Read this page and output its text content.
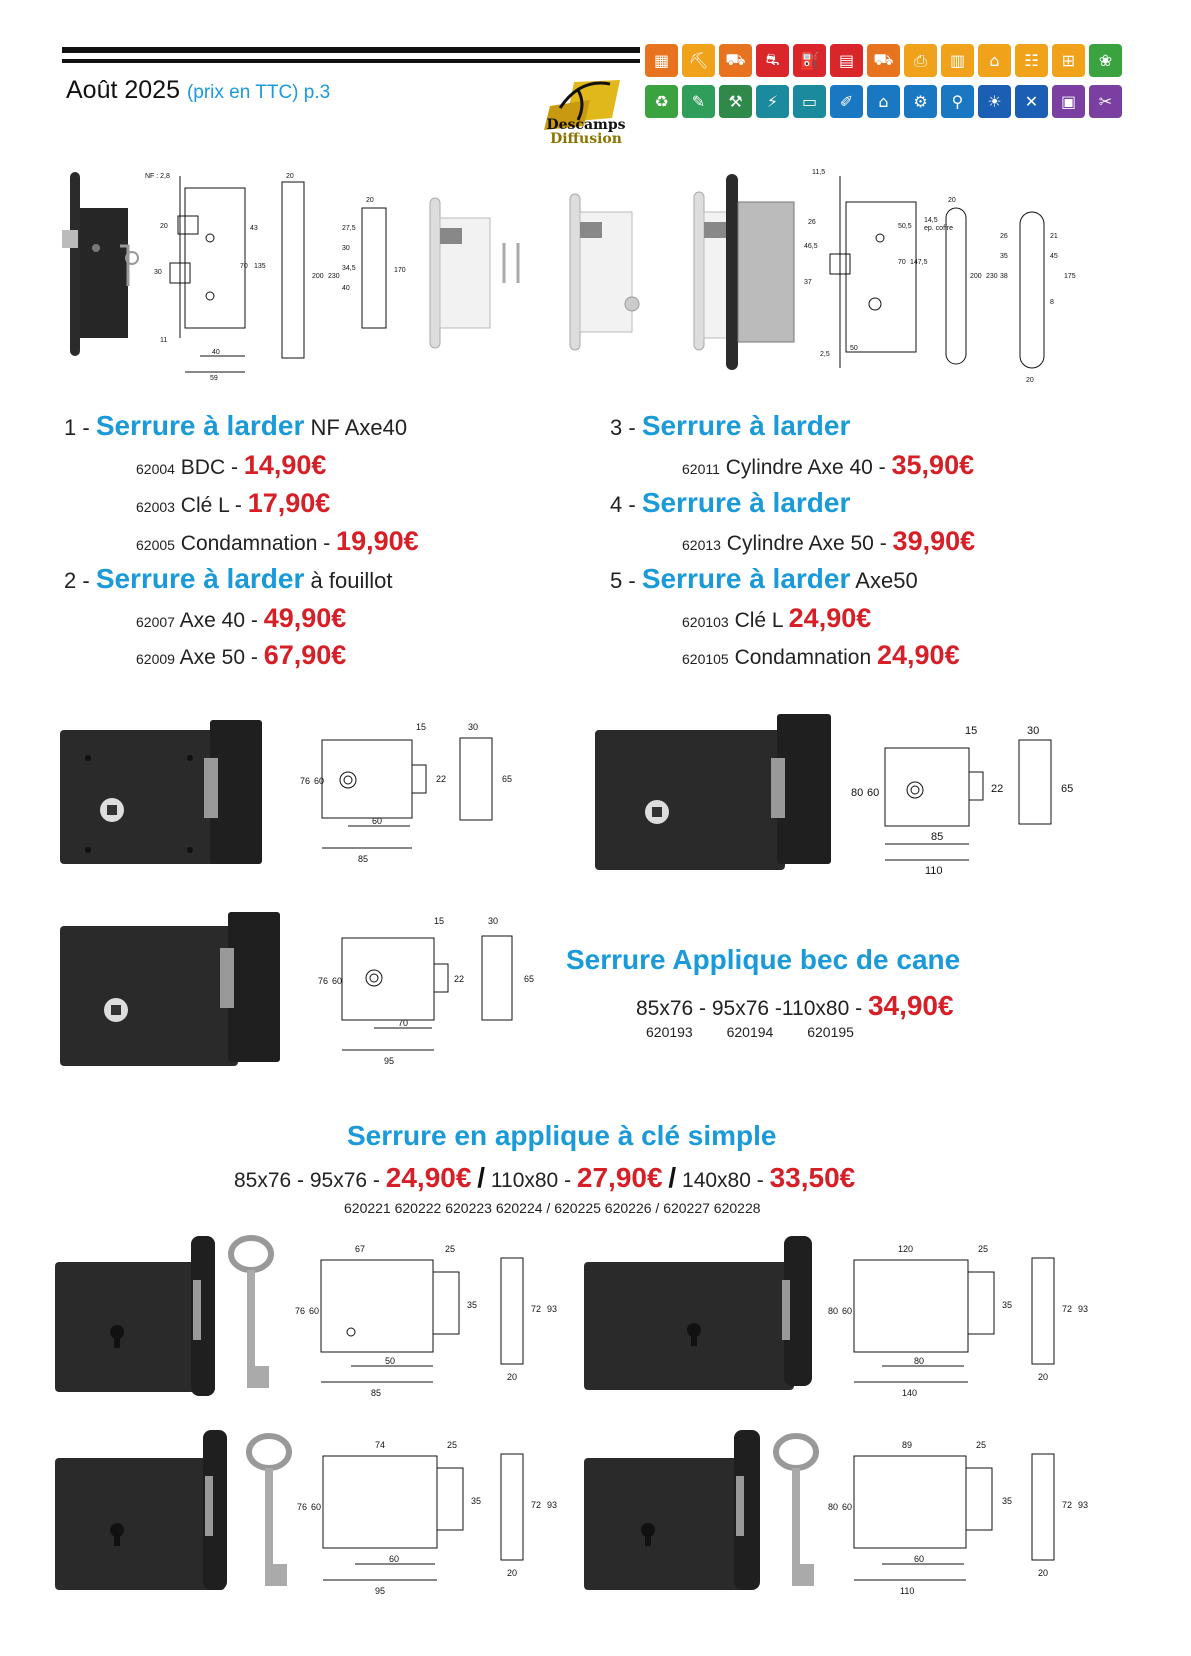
Août 2025 (prix en TTC) p.3
Descamps
Diffusion
▦	⛏	⛟	⛐	⛽	▤	⛟	⎙	▥	⌂	☷	⊞	❀
♻	✎	⚒	⚡	▭	✐	⌂	⚙	⚲	☀	✕	▣	✂
NF : 2,8
20	43
70 135
30
11
40
59
20
200 230
20
27,5
30
34,5
40
170
11,5
26
46,5
37
2,5
50
50,5
70 147,5
20
14,5
ep. coffre
200 230
26	21
35	45
38	175
8
20
1 - Serrure à larder NF Axe40
62004 BDC - 14,90€
62003 Clé L - 17,90€
62005 Condamnation - 19,90€
2 - Serrure à larder à fouillot
62007 Axe 40 - 49,90€
62009 Axe 50 - 67,90€
3 - Serrure à larder
62011 Cylindre Axe 40 - 35,90€
4 - Serrure à larder
62013 Cylindre Axe 50 - 39,90€
5 - Serrure à larder Axe50
620103 Clé L 24,90€
620105 Condamnation 24,90€
15	30
76 60	22	65
60
85
15	30
80 60	22	65
85
110
15	30
76 60	22	65
70
95
Serrure Applique bec de cane
85x76 - 95x76 -110x80 - 34,90€
620193 620194 620195
Serrure en applique à clé simple
85x76 - 95x76 - 24,90€ / 110x80 - 27,90€ / 140x80 - 33,50€
620221 620222 620223 620224 / 620225 620226 / 620227 620228
67	25
76 60
35	72 93
50
85
20
120	25
80 60
35	72 93
80
140
20
74	25
76 60
35	72 93
60
95
20
89	25
80 60
35	72 93
60
110
20
